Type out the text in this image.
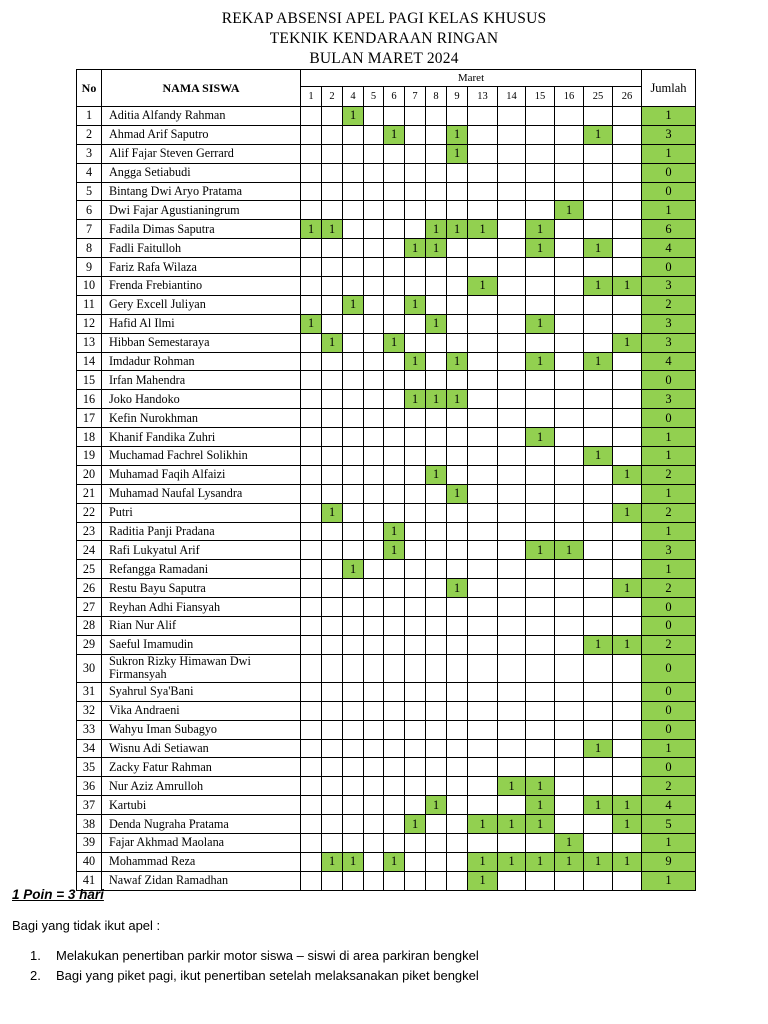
REKAP ABSENSI APEL PAGI KELAS KHUSUS
TEKNIK KENDARAAN RINGAN
BULAN MARET 2024
No	NAMA SISWA	Maret														Jumlah
		1	2	4	5	6	7	8	9	13	14	15	16	25	26	
1	Aditia Alfandy Rahman			1												1
2	Ahmad Arif Saputro					1			1					1		3
3	Alif Fajar Steven Gerrard								1							1
4	Angga Setiabudi															0
5	Bintang Dwi Aryo Pratama															0
6	Dwi Fajar Agustianingrum												1			1
7	Fadila Dimas Saputra	1	1					1	1	1		1				6
8	Fadli Faitulloh						1	1				1		1		4
9	Fariz Rafa Wilaza															0
10	Frenda Frebiantino									1				1	1	3
11	Gery Excell Juliyan			1			1									2
12	Hafid Al Ilmi	1						1				1				3
13	Hibban Semestaraya		1			1									1	3
14	Imdadur Rohman						1		1			1		1		4
15	Irfan Mahendra															0
16	Joko Handoko						1	1	1							3
17	Kefin Nurokhman															0
18	Khanif Fandika Zuhri											1				1
19	Muchamad Fachrel Solikhin													1		1
20	Muhamad Faqih Alfaizi							1							1	2
21	Muhamad Naufal Lysandra								1							1
22	Putri		1												1	2
23	Raditia Panji Pradana					1										1
24	Rafi Lukyatul Arif					1						1	1			3
25	Refangga Ramadani			1												1
26	Restu Bayu Saputra								1						1	2
27	Reyhan Adhi Fiansyah															0
28	Rian Nur Alif															0
29	Saeful Imamudin													1	1	2
30	Sukron Rizky Himawan Dwi Firmansyah															0
31	Syahrul Sya'Bani															0
32	Vika Andraeni															0
33	Wahyu Iman Subagyo															0
34	Wisnu Adi Setiawan													1		1
35	Zacky Fatur Rahman															0
36	Nur Aziz Amrulloh										1	1				2
37	Kartubi							1				1		1	1	4
38	Denda Nugraha Pratama						1			1	1	1			1	5
39	Fajar Akhmad Maolana												1			1
40	Mohammad Reza		1	1		1				1	1	1	1	1	1	9
41	Nawaf Zidan Ramadhan									1						1
1 Poin = 3 hari
Bagi yang tidak ikut apel :
1. Melakukan penertiban parkir motor siswa – siswi di area parkiran bengkel
2. Bagi yang piket pagi, ikut penertiban setelah melaksanakan piket bengkel
